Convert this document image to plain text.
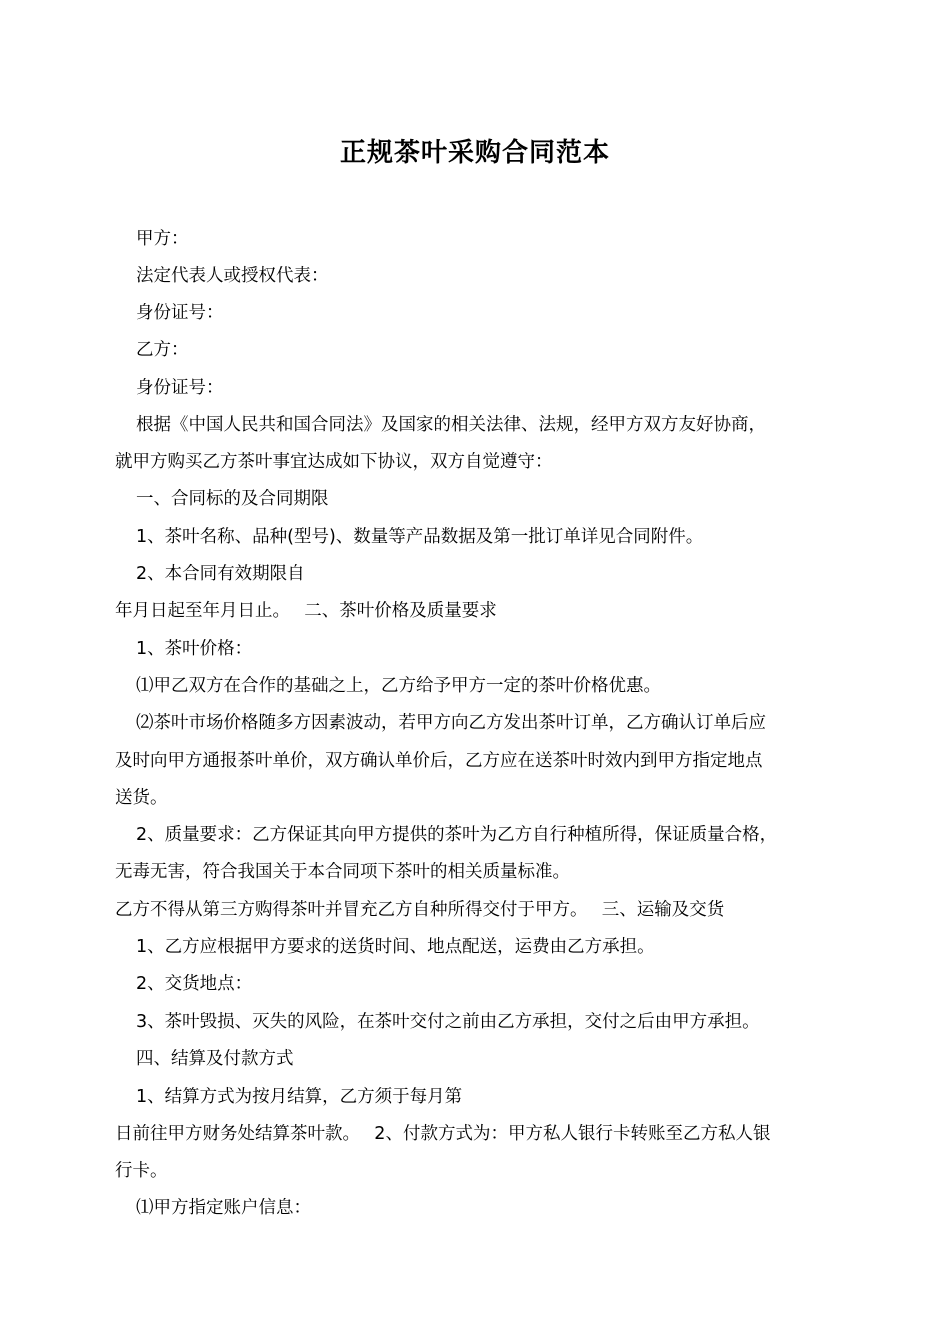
正规茶叶采购合同范本

甲方：

法定代表人或授权代表：

身份证号：

乙方：

身份证号：

根据《中国人民共和国合同法》及国家的相关法律、法规，经甲方双方友好协商，

就甲方购买乙方茶叶事宜达成如下协议，双方自觉遵守：

一、合同标的及合同期限

1、茶叶名称、品种(型号)、数量等产品数据及第一批订单详见合同附件。

2、本合同有效期限自

年月日起至年月日止。　 二、茶叶价格及质量要求

1、茶叶价格：

⑴甲乙双方在合作的基础之上，乙方给予甲方一定的茶叶价格优惠。

⑵茶叶市场价格随多方因素波动，若甲方向乙方发出茶叶订单，乙方确认订单后应

及时向甲方通报茶叶单价，双方确认单价后，乙方应在送茶叶时效内到甲方指定地点

送货。

2、质量要求：乙方保证其向甲方提供的茶叶为乙方自行种植所得，保证质量合格，

无毒无害，符合我国关于本合同项下茶叶的相关质量标准。

乙方不得从第三方购得茶叶并冒充乙方自种所得交付于甲方。　 三、运输及交货

1、乙方应根据甲方要求的送货时间、地点配送，运费由乙方承担。

2、交货地点：

3、茶叶毁损、灭失的风险，在茶叶交付之前由乙方承担，交付之后由甲方承担。

四、结算及付款方式

1、结算方式为按月结算，乙方须于每月第

日前往甲方财务处结算茶叶款。　 2、付款方式为：甲方私人银行卡转账至乙方私人银

行卡。

⑴甲方指定账户信息：
